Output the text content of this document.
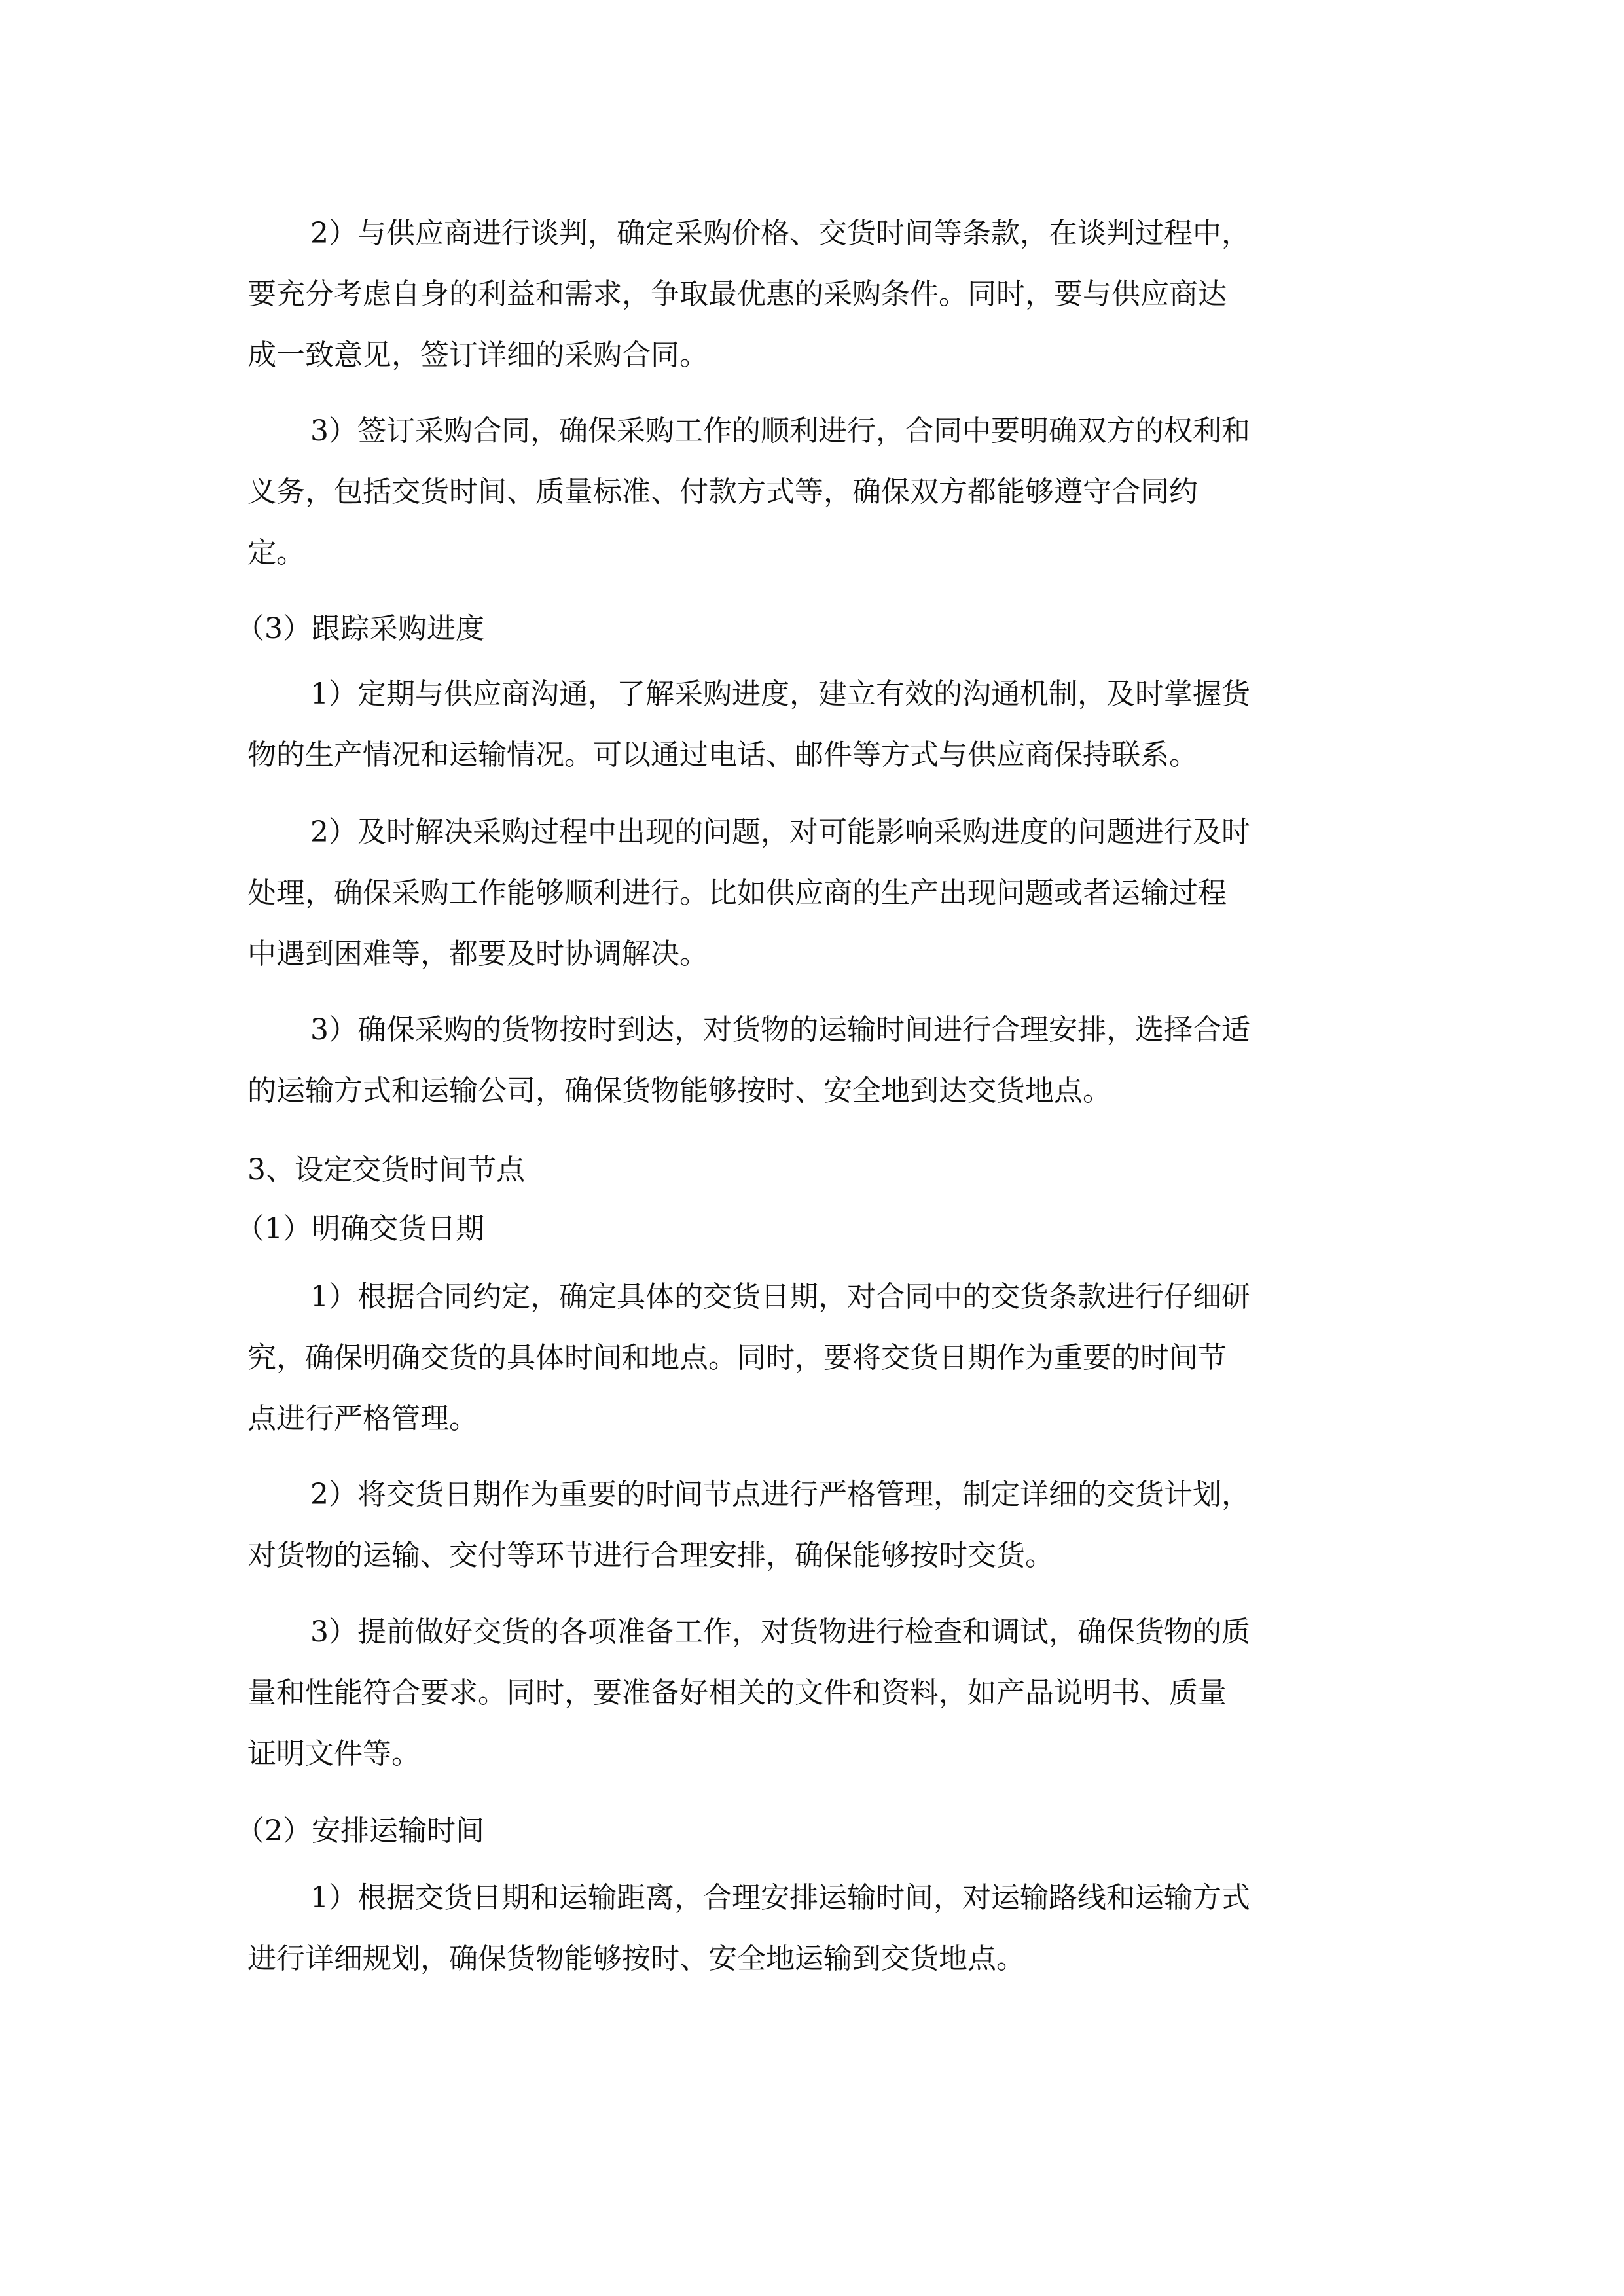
2）与供应商进行谈判，确定采购价格、交货时间等条款，在谈判过程中，
要充分考虑自身的利益和需求，争取最优惠的采购条件。同时，要与供应商达
成一致意见，签订详细的采购合同。

3）签订采购合同，确保采购工作的顺利进行，合同中要明确双方的权利和
义务，包括交货时间、质量标准、付款方式等，确保双方都能够遵守合同约
定。

（3）跟踪采购进度

1）定期与供应商沟通，了解采购进度，建立有效的沟通机制，及时掌握货
物的生产情况和运输情况。可以通过电话、邮件等方式与供应商保持联系。

2）及时解决采购过程中出现的问题，对可能影响采购进度的问题进行及时
处理，确保采购工作能够顺利进行。比如供应商的生产出现问题或者运输过程
中遇到困难等，都要及时协调解决。

3）确保采购的货物按时到达，对货物的运输时间进行合理安排，选择合适
的运输方式和运输公司，确保货物能够按时、安全地到达交货地点。

3、设定交货时间节点

（1）明确交货日期

1）根据合同约定，确定具体的交货日期，对合同中的交货条款进行仔细研
究，确保明确交货的具体时间和地点。同时，要将交货日期作为重要的时间节
点进行严格管理。

2）将交货日期作为重要的时间节点进行严格管理，制定详细的交货计划，
对货物的运输、交付等环节进行合理安排，确保能够按时交货。

3）提前做好交货的各项准备工作，对货物进行检查和调试，确保货物的质
量和性能符合要求。同时，要准备好相关的文件和资料，如产品说明书、质量
证明文件等。

（2）安排运输时间

1）根据交货日期和运输距离，合理安排运输时间，对运输路线和运输方式
进行详细规划，确保货物能够按时、安全地运输到交货地点。
